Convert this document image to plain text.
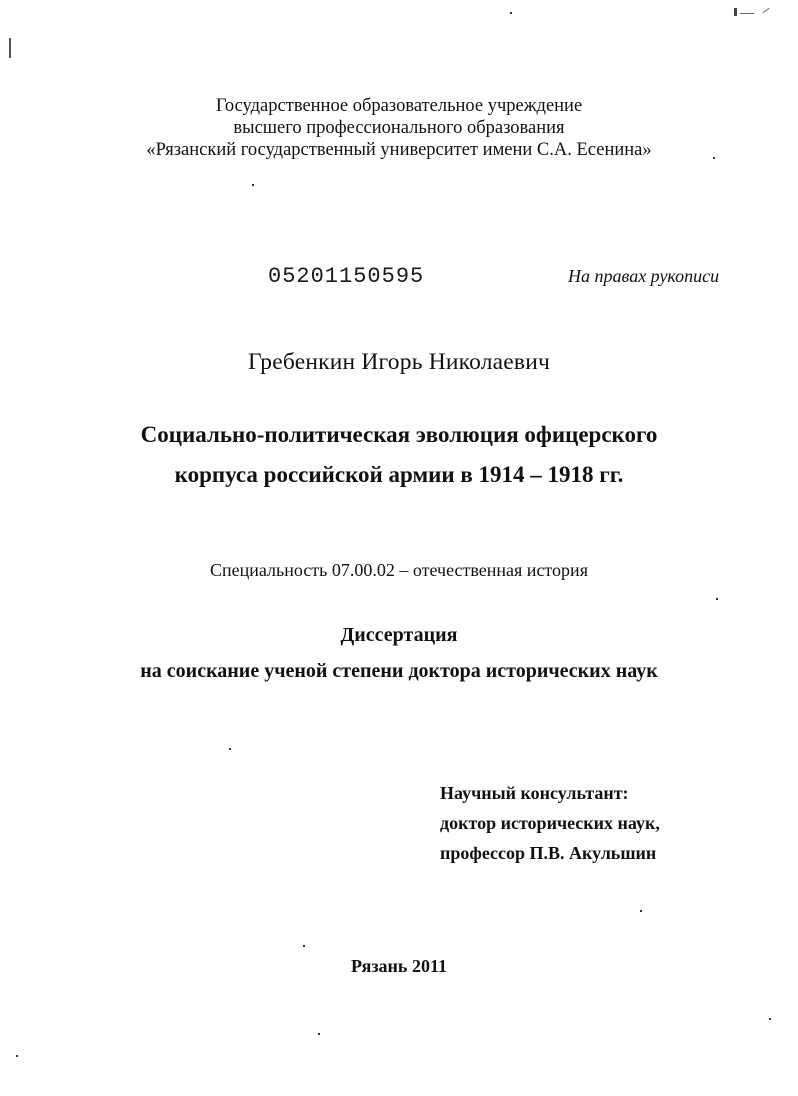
Государственное образовательное учреждение
высшего профессионального образования
«Рязанский государственный университет имени С.А. Есенина»
05201150595	На правах рукописи
Гребенкин Игорь Николаевич
Социально-политическая эволюция офицерского
корпуса российской армии в 1914 – 1918 гг.
Специальность 07.00.02 – отечественная история
Диссертация
на соискание ученой степени доктора исторических наук
Научный консультант:
доктор исторических наук,
профессор П.В. Акульшин
Рязань 2011
